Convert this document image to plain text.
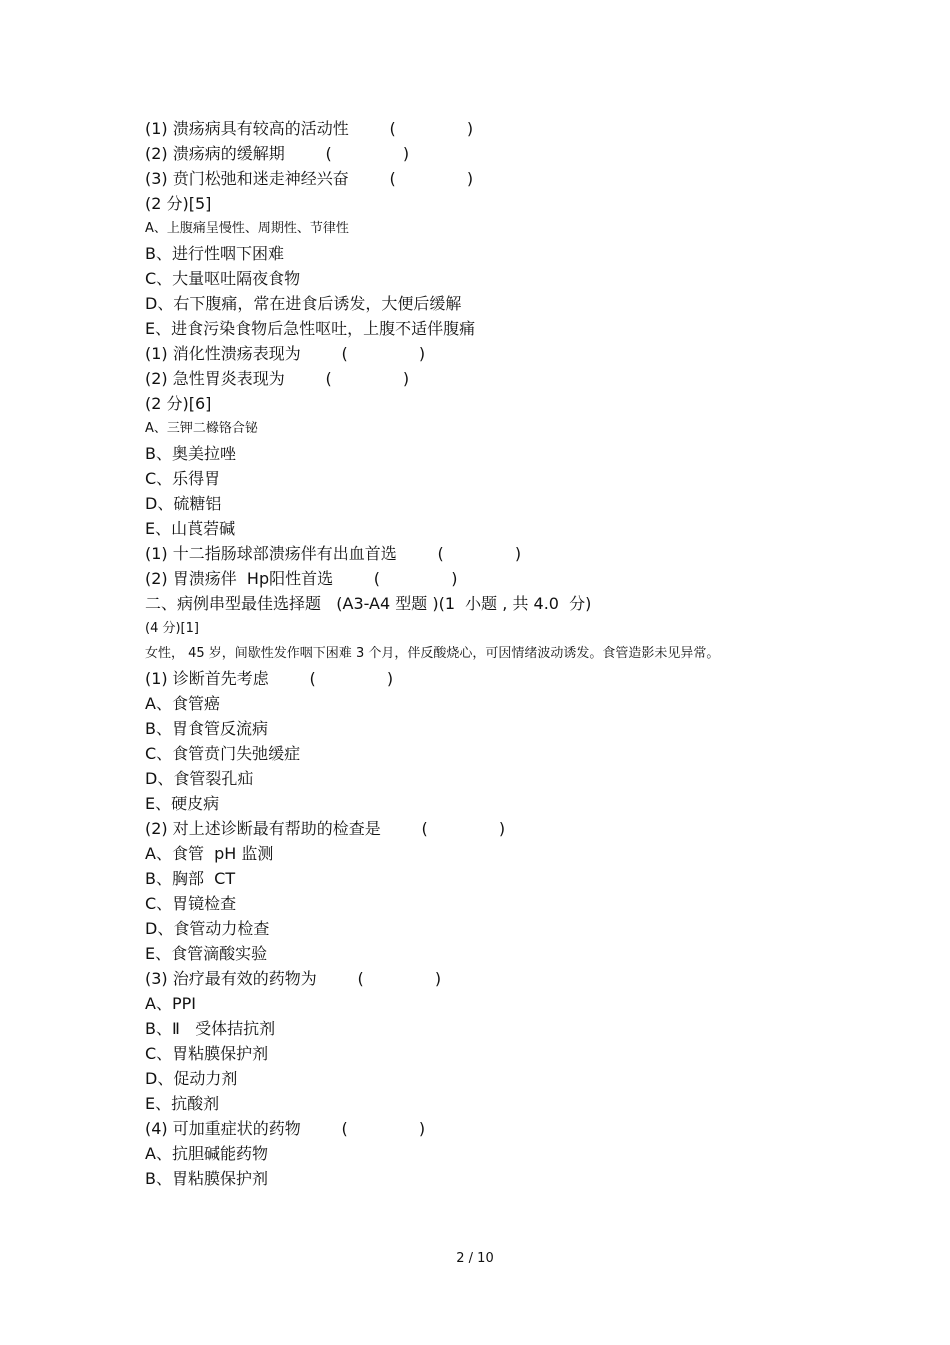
(1) 溃疡病具有较高的活动性        (              )
(2) 溃疡病的缓解期        (              )
(3) 贲门松弛和迷走神经兴奋        (              )
(2 分)[5]
A、上腹痛呈慢性、周期性、节律性
B、进行性咽下困难
C、大量呕吐隔夜食物
D、右下腹痛，常在进食后诱发，大便后缓解
E、进食污染食物后急性呕吐，上腹不适伴腹痛
(1) 消化性溃疡表现为        (              )
(2) 急性胃炎表现为        (              )
(2 分)[6]
A、三钾二橼铬合铋
B、奥美拉唑
C、乐得胃
D、硫糖铝
E、山莨菪碱
(1) 十二指肠球部溃疡伴有出血首选        (              )
(2) 胃溃疡伴  Hp阳性首选        (              )
二、病例串型最佳选择题   (A3-A4 型题 )(1  小题 , 共 4.0  分)
(4 分)[1]
女性， 45 岁，间歇性发作咽下困难 3 个月，伴反酸烧心，可因情绪波动诱发。食管造影未见异常。
(1) 诊断首先考虑        (              )
A、食管癌
B、胃食管反流病
C、食管贲门失弛缓症
D、食管裂孔疝
E、硬皮病
(2) 对上述诊断最有帮助的检查是        (              )
A、食管  pH 监测
B、胸部  CT
C、胃镜检查
D、食管动力检查
E、食管滴酸实验
(3) 治疗最有效的药物为        (              )
A、PPI
B、Ⅱ   受体拮抗剂
C、胃粘膜保护剂
D、促动力剂
E、抗酸剂
(4) 可加重症状的药物        (              )
A、抗胆碱能药物
B、胃粘膜保护剂
2 / 10
